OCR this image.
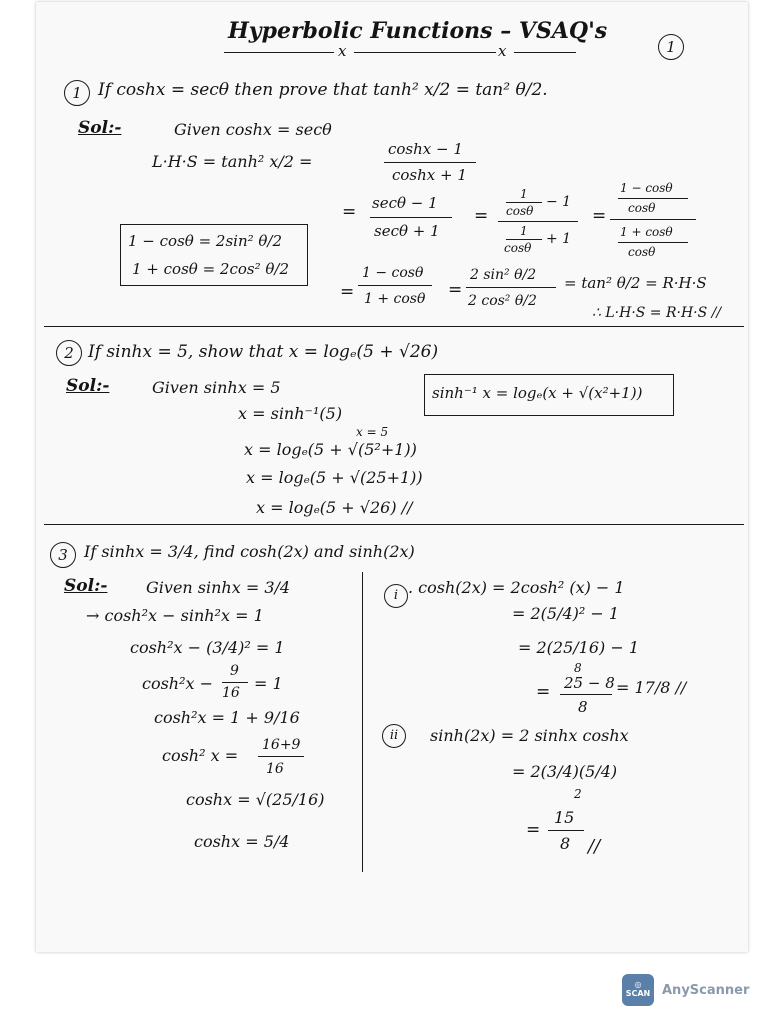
Hyperbolic Functions – VSAQ's
x	x	1
1 If coshx = secθ then prove that tanh² x/2 = tan² θ/2.
Sol:-	Given coshx = secθ
L·H·S = tanh² x/2 =
coshx − 1
coshx + 1
= secθ − 1
secθ + 1
=
1
cosθ
− 1
1
cosθ
+ 1
=
1 − cosθ
cosθ
1 + cosθ
cosθ
1 − cosθ = 2sin² θ/2
1 + cosθ = 2cos² θ/2
=
1 − cosθ
1 + cosθ =
2 sin² θ/2
2 cos² θ/2
= tan² θ/2 = R·H·S
∴ L·H·S = R·H·S //
2 If sinhx = 5, show that x = logₑ(5 + √26)
Sol:-	Given sinhx = 5	sinh⁻¹ x = logₑ(x + √(x²+1))
x = sinh⁻¹(5)
x = 5
x = logₑ(5 + √(5²+1))
x = logₑ(5 + √(25+1))
x = logₑ(5 + √26) //
3	If sinhx = 3/4, find cosh(2x) and sinh(2x)
Sol:- Given sinhx = 3/4
→ cosh²x − sinh²x = 1
cosh²x − (3/4)² = 1
cosh²x −
9
16 = 1
cosh²x = 1 + 9/16
cosh² x =
16+9
16
coshx = √(25/16)
coshx = 5/4
i . cosh(2x) = 2cosh² (x) − 1
= 2(5/4)² − 1
= 2(25/16) − 1
8
= 25 − 8
8
= 17/8 //
ii	sinh(2x) = 2 sinhx coshx
= 2(3/4)(5/4)
2
=
15
8 //
◎
SCAN AnyScanner
